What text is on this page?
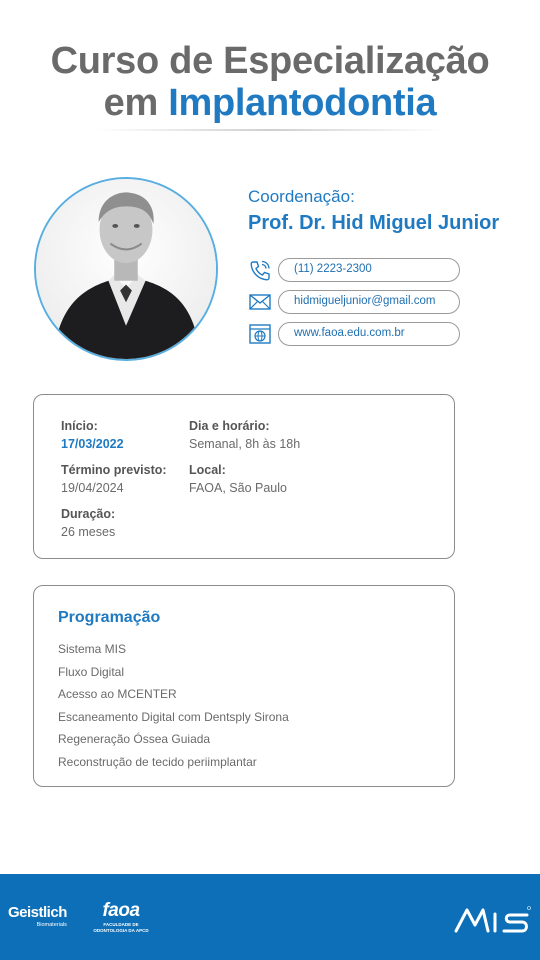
Curso de Especialização
em Implantodontia
Coordenação:
Prof. Dr. Hid Miguel Junior
(11) 2223-2300
hidmigueljunior@gmail.com
www.faoa.edu.com.br
Início:
17/03/2022
Término previsto:
19/04/2024
Duração:
26 meses
Dia e horário:
Semanal, 8h às 18h
Local:
FAOA, São Paulo
Programação
Sistema MIS
Fluxo Digital
Acesso ao MCENTER
Escaneamento Digital com Dentsply Sirona
Regeneração Óssea Guiada
Reconstrução de tecido periimplantar
Geistlich
Biomaterials
faoa
FACULDADE DE
ODONTOLOGIA DA APCD
